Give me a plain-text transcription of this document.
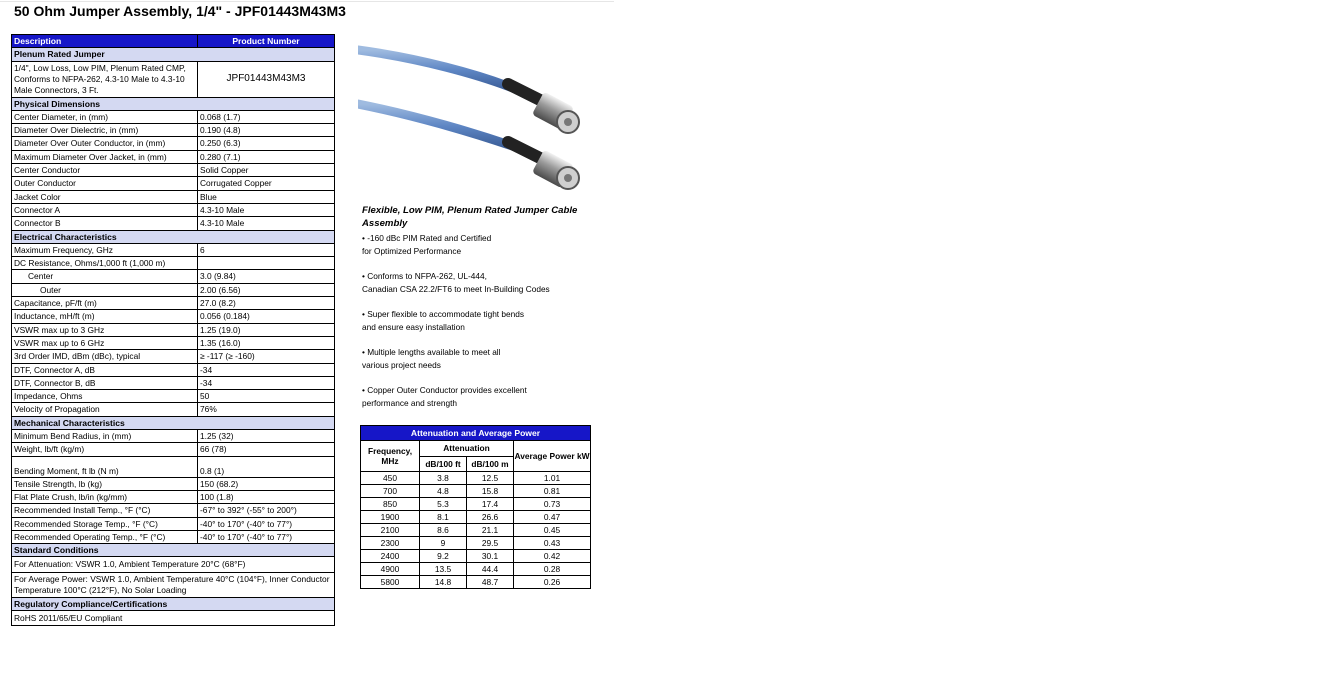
50 Ohm Jumper Assembly, 1/4" - JPF01443M43M3
Description	Product Number
Plenum Rated Jumper	
1/4", Low Loss, Low PIM, Plenum Rated CMP, Conforms to NFPA-262, 4.3-10 Male to 4.3-10 Male Connectors, 3 Ft.	JPF01443M43M3
Physical Dimensions	
Center Diameter, in (mm)	0.068 (1.7)
Diameter Over Dielectric, in (mm)	0.190 (4.8)
Diameter Over Outer Conductor, in (mm)	0.250 (6.3)
Maximum Diameter Over Jacket, in (mm)	0.280 (7.1)
Center Conductor	Solid Copper
Outer Conductor	Corrugated Copper
Jacket Color	Blue
Connector A	4.3-10 Male
Connector B	4.3-10 Male
Electrical Characteristics	
Maximum Frequency, GHz	6
DC Resistance, Ohms/1,000 ft (1,000 m)	
Center	3.0 (9.84)
Outer	2.00 (6.56)
Capacitance, pF/ft (m)	27.0 (8.2)
Inductance, mH/ft (m)	0.056 (0.184)
VSWR max up to 3 GHz	1.25 (19.0)
VSWR max up to 6 GHz	1.35 (16.0)
3rd Order IMD, dBm (dBc), typical	≥ -117 (≥ -160)
DTF, Connector A, dB	-34
DTF, Connector B, dB	-34
Impedance, Ohms	50
Velocity of Propagation	76%
Mechanical Characteristics	
Minimum Bend Radius, in (mm)	1.25 (32)
Weight, lb/ft (kg/m)	66 (78)
Bending Moment, ft lb (N m)	0.8 (1)
Tensile Strength, lb (kg)	150 (68.2)
Flat Plate Crush, lb/in (kg/mm)	100 (1.8)
Recommended Install Temp., °F (°C)	-67° to 392° (-55° to 200°)
Recommended Storage Temp., °F (°C)	-40° to 170° (-40° to 77°)
Recommended Operating Temp., °F (°C)	-40° to 170° (-40° to 77°)
Standard Conditions	
For Attenuation: VSWR 1.0, Ambient Temperature 20°C (68°F)	
For Average Power: VSWR 1.0, Ambient Temperature 40°C (104°F), Inner Conductor Temperature 100°C (212°F), No Solar Loading	
Regulatory Compliance/Certifications	
RoHS 2011/65/EU Compliant	
Flexible, Low PIM, Plenum Rated Jumper Cable Assembly
• -160 dBc PIM Rated and Certified
for Optimized Performance
• Conforms to NFPA-262, UL-444,
Canadian CSA 22.2/FT6 to meet In-Building Codes
• Super flexible to accommodate tight bends
and ensure easy installation
• Multiple lengths available to meet all
various project needs
• Copper Outer Conductor provides excellent
performance and strength
Attenuation and Average Power			
Frequency, MHz	Attenuation		Average Power kW
	dB/100 ft	dB/100 m	
450	3.8	12.5	1.01
700	4.8	15.8	0.81
850	5.3	17.4	0.73
1900	8.1	26.6	0.47
2100	8.6	21.1	0.45
2300	9	29.5	0.43
2400	9.2	30.1	0.42
4900	13.5	44.4	0.28
5800	14.8	48.7	0.26
